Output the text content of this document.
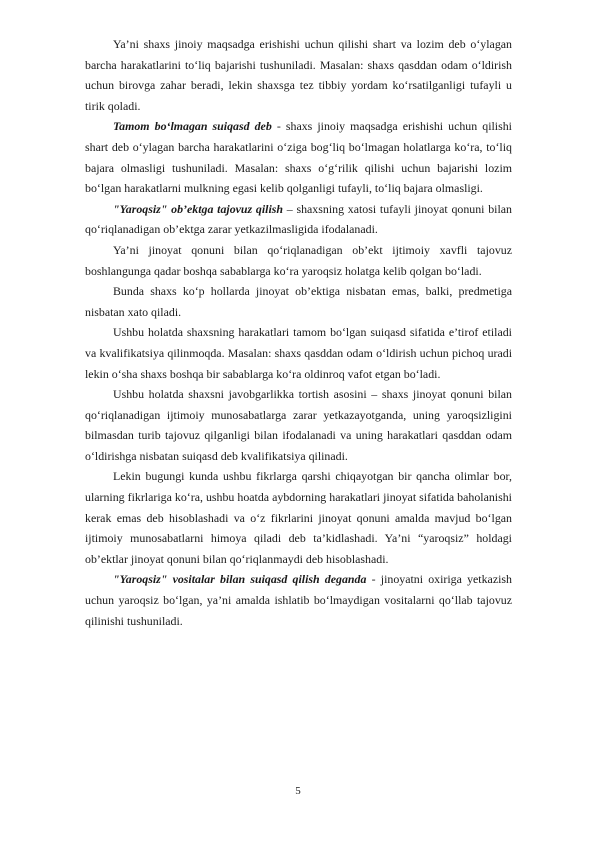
Ya’ni shaxs jinoiy maqsadga erishishi uchun qilishi shart va lozim deb o‘ylagan barcha harakatlarini to‘liq bajarishi tushuniladi. Masalan: shaxs qasddan odam o‘ldirish uchun birovga zahar beradi, lekin shaxsga tez tibbiy yordam ko‘rsatilganligi tufayli u tirik qoladi.

Tamom bo‘lmagan suiqasd deb - shaxs jinoiy maqsadga erishishi uchun qilishi shart deb o‘ylagan barcha harakatlarini o‘ziga bog‘liq bo‘lmagan holatlarga ko‘ra, to‘liq bajara olmasligi tushuniladi. Masalan: shaxs o‘g‘rilik qilishi uchun bajarishi lozim bo‘lgan harakatlarni mulkning egasi kelib qolganligi tufayli, to‘liq bajara olmasligi.

"Yaroqsiz" ob’ektga tajovuz qilish – shaxsning xatosi tufayli jinoyat qonuni bilan qo‘riqlanadigan ob’ektga zarar yetkazilmasligida ifodalanadi.

Ya’ni jinoyat qonuni bilan qo‘riqlanadigan ob’ekt ijtimoiy xavfli tajovuz boshlangunga qadar boshqa sabablarga ko‘ra yaroqsiz holatga kelib qolgan bo‘ladi.

Bunda shaxs ko‘p hollarda jinoyat ob’ektiga nisbatan emas, balki, predmetiga nisbatan xato qiladi.

Ushbu holatda shaxsning harakatlari tamom bo‘lgan suiqasd sifatida e’tirof etiladi va kvalifikatsiya qilinmoqda. Masalan: shaxs qasddan odam o‘ldirish uchun pichoq uradi lekin o‘sha shaxs boshqa bir sabablarga ko‘ra oldinroq vafot etgan bo‘ladi.

Ushbu holatda shaxsni javobgarlikka tortish asosini – shaxs jinoyat qonuni bilan qo‘riqlanadigan ijtimoiy munosabatlarga zarar yetkazayotganda, uning yaroqsizligini bilmasdan turib tajovuz qilganligi bilan ifodalanadi va uning harakatlari qasddan odam o‘ldirishga nisbatan suiqasd deb kvalifikatsiya qilinadi.

Lekin bugungi kunda ushbu fikrlarga qarshi chiqayotgan bir qancha olimlar bor, ularning fikrlariga ko‘ra, ushbu hoatda aybdorning harakatlari jinoyat sifatida baholanishi kerak emas deb hisoblashadi va o‘z fikrlarini jinoyat qonuni amalda mavjud bo‘lgan ijtimoiy munosabatlarni himoya qiladi deb ta’kidlashadi. Ya’ni “yaroqsiz” holdagi ob’ektlar jinoyat qonuni bilan qo‘riqlanmaydi deb hisoblashadi.

"Yaroqsiz" vositalar bilan suiqasd qilish deganda - jinoyatni oxiriga yetkazish uchun yaroqsiz bo‘lgan, ya’ni amalda ishlatib bo‘lmaydigan vositalarni qo‘llab tajovuz qilinishi tushuniladi.

5
